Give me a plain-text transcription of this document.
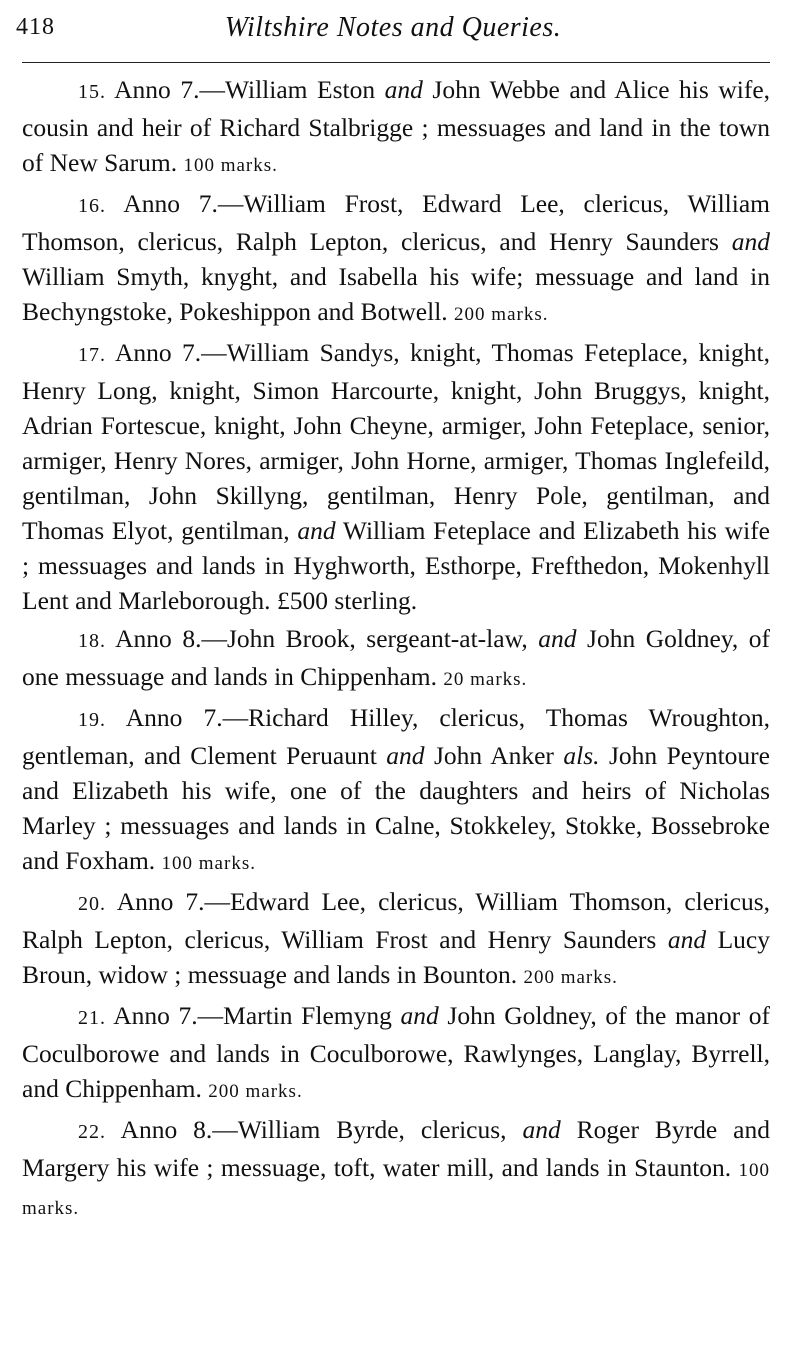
418	Wiltshire Notes and Queries.

15. Anno 7.—William Eston and John Webbe and Alice his wife, cousin and heir of Richard Stalbrigge ; messuages and land in the town of New Sarum. 100 marks.

16. Anno 7.—William Frost, Edward Lee, clericus, William Thomson, clericus, Ralph Lepton, clericus, and Henry Saunders and William Smyth, knyght, and Isabella his wife; messuage and land in Bechyngstoke, Pokeshippon and Botwell. 200 marks.

17. Anno 7.—William Sandys, knight, Thomas Feteplace, knight, Henry Long, knight, Simon Harcourte, knight, John Bruggys, knight, Adrian Fortescue, knight, John Cheyne, armiger, John Feteplace, senior, armiger, Henry Nores, armiger, John Horne, armiger, Thomas Inglefeild, gentilman, John Skillyng, gentilman, Henry Pole, gentilman, and Thomas Elyot, gentilman, and William Feteplace and Elizabeth his wife ; messuages and lands in Hyghworth, Esthorpe, Frefthedon, Mokenhyll Lent and Marleborough. £500 sterling.

18. Anno 8.—John Brook, sergeant-at-law, and John Goldney, of one messuage and lands in Chippenham. 20 marks.

19. Anno 7.—Richard Hilley, clericus, Thomas Wroughton, gentleman, and Clement Peruaunt and John Anker als. John Peyntoure and Elizabeth his wife, one of the daughters and heirs of Nicholas Marley ; messuages and lands in Calne, Stokkeley, Stokke, Bossebroke and Foxham. 100 marks.

20. Anno 7.—Edward Lee, clericus, William Thomson, clericus, Ralph Lepton, clericus, William Frost and Henry Saunders and Lucy Broun, widow ; messuage and lands in Bounton. 200 marks.

21. Anno 7.—Martin Flemyng and John Goldney, of the manor of Coculborowe and lands in Coculborowe, Rawlynges, Langlay, Byrrell, and Chippenham. 200 marks.

22. Anno 8.—William Byrde, clericus, and Roger Byrde and Margery his wife ; messuage, toft, water mill, and lands in Staunton. 100 marks.
